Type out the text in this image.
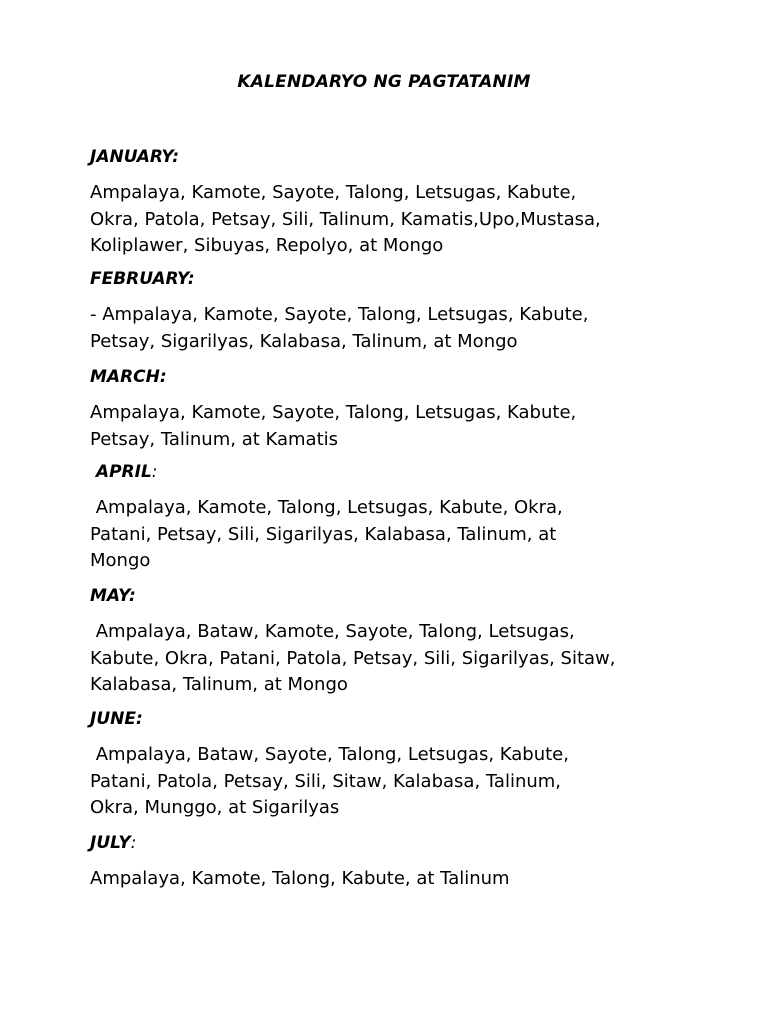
KALENDARYO NG PAGTATANIM
JANUARY:
Ampalaya, Kamote, Sayote, Talong, Letsugas, Kabute,
Okra, Patola, Petsay, Sili, Talinum, Kamatis,Upo,Mustasa,
Koliplawer, Sibuyas, Repolyo, at Mongo
FEBRUARY:
- Ampalaya, Kamote, Sayote, Talong, Letsugas, Kabute,
Petsay, Sigarilyas, Kalabasa, Talinum, at Mongo
MARCH:
Ampalaya, Kamote, Sayote, Talong, Letsugas, Kabute,
Petsay, Talinum, at Kamatis
APRIL:
Ampalaya, Kamote, Talong, Letsugas, Kabute, Okra,
Patani, Petsay, Sili, Sigarilyas, Kalabasa, Talinum, at
Mongo
MAY:
Ampalaya, Bataw, Kamote, Sayote, Talong, Letsugas,
Kabute, Okra, Patani, Patola, Petsay, Sili, Sigarilyas, Sitaw,
Kalabasa, Talinum, at Mongo
JUNE:
Ampalaya, Bataw, Sayote, Talong, Letsugas, Kabute,
Patani, Patola, Petsay, Sili, Sitaw, Kalabasa, Talinum,
Okra, Munggo, at Sigarilyas
JULY:
Ampalaya, Kamote, Talong, Kabute, at Talinum
